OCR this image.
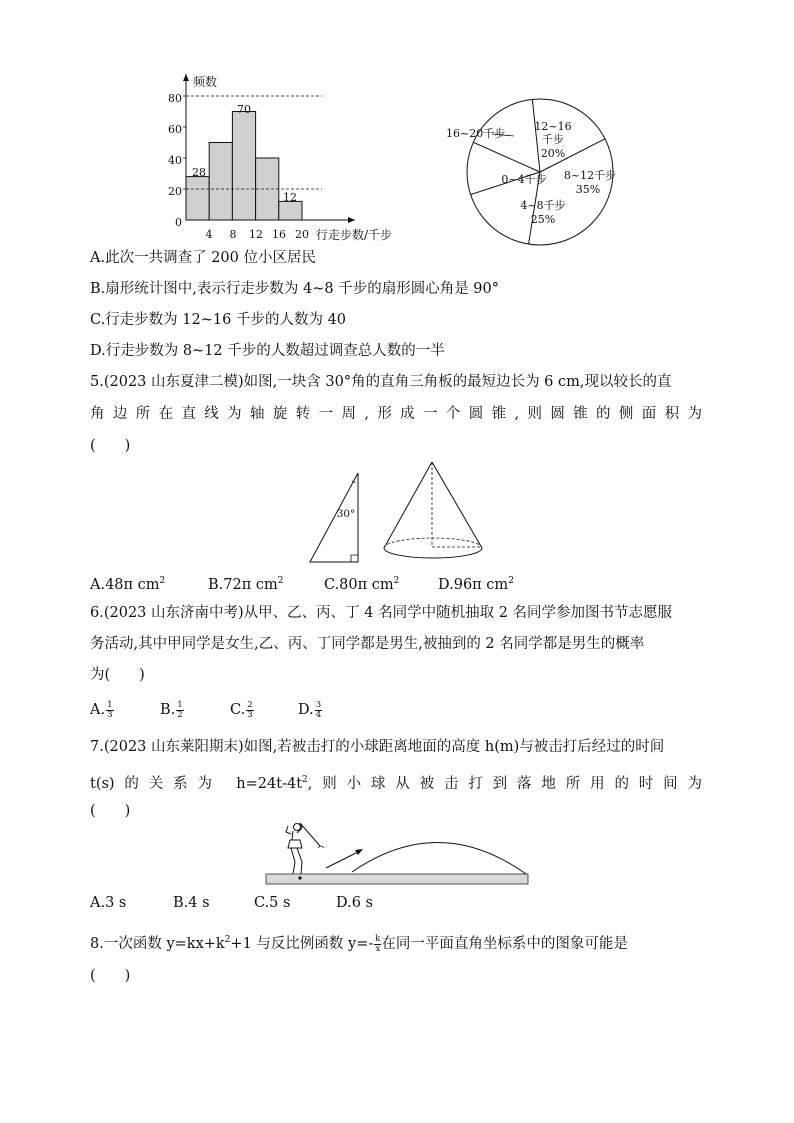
频数
行走步数/千步
0
20
40
60
80
4 8 12 16 20
28
70
12
16~20千步
12~16
千步
20%
8~12千步
35%
4~8千步
25%
0~4千步
A.此次一共调查了 200 位小区居民
B.扇形统计图中,表示行走步数为 4~8 千步的扇形圆心角是 90°
C.行走步数为 12~16 千步的人数为 40
D.行走步数为 8~12 千步的人数超过调查总人数的一半
5.(2023 山东夏津二模)如图,一块含 30°角的直角三角板的最短边长为 6 cm,现以较长的直
角边所在直线为轴旋转一周,形成一个圆锥,则圆锥的侧面积为
(　　)
30°
A.48π $cm^2$	B.72π $cm^2$	C.80π $cm^2$	D.96π $cm^2$
6.(2023 山东济南中考)从甲、乙、丙、丁 4 名同学中随机抽取 2 名同学参加图书节志愿服
务活动,其中甲同学是女生,乙、丙、丁同学都是男生,被抽到的 2 名同学都是男生的概率
为(　　)
A. $\frac{1}{3}$	B. $\frac{1}{2}$	C. $\frac{2}{3}$	D. $\frac{3}{4}$
7.(2023 山东莱阳期末)如图,若被击打的小球距离地面的高度 h(m)与被击打后经过的时间
t(s)的关系为 $h=24t-4t^2$,则小球从被击打到落地所用的时间为
(　　)
A.3 s	B.4 s	C.5 s	D.6 s
8.一次函数 $y=kx+k^2+1$ 与反比例函数 $y=- \frac{k}{x}$ 在同一平面直角坐标系中的图象可能是
(　　)
